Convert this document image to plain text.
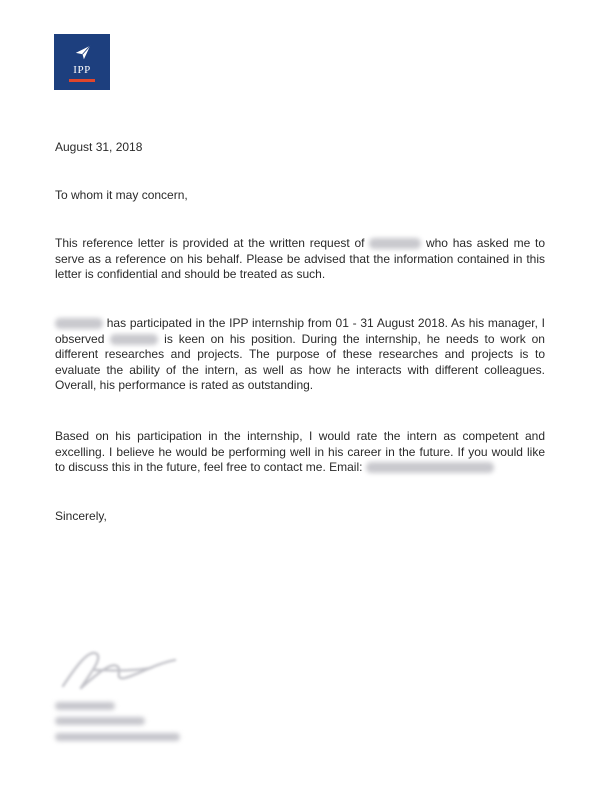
IPP
August 31, 2018
To whom it may concern,
This reference letter is provided at the written request of	who has asked me to serve as a reference on his behalf. Please be advised that the information contained in this letter is confidential and should be treated as such.
has participated in the IPP internship from 01 - 31 August 2018. As his manager, I observed	is keen on his position. During the internship, he needs to work on different researches and projects. The purpose of these researches and projects is to evaluate the ability of the intern, as well as how he interacts with different colleagues. Overall, his performance is rated as outstanding.
Based on his participation in the internship, I would rate the intern as competent and excelling. I believe he would be performing well in his career in the future. If you would like to discuss this in the future, feel free to contact me. Email:
Sincerely,
